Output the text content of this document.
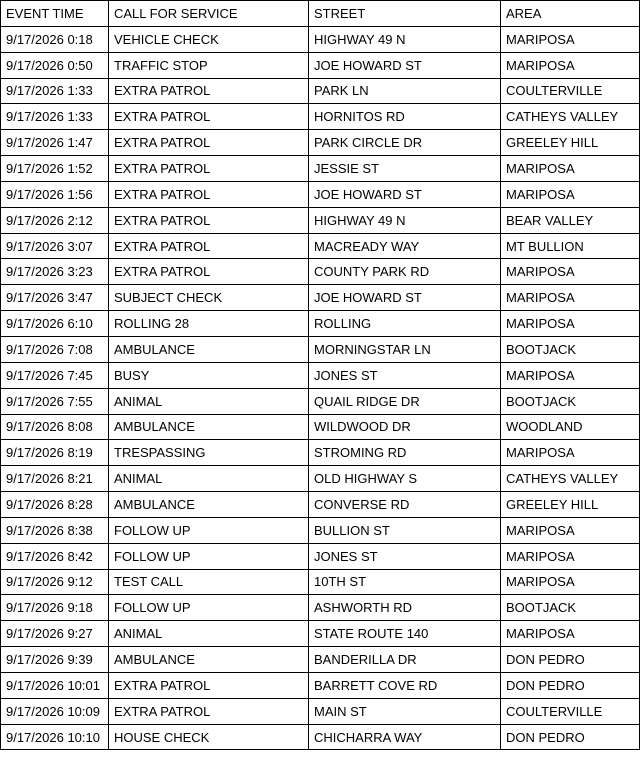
EVENT TIME	CALL FOR SERVICE	STREET	AREA
9/17/2026 0:18	VEHICLE CHECK	HIGHWAY 49 N	MARIPOSA
9/17/2026 0:50	TRAFFIC STOP	JOE HOWARD ST	MARIPOSA
9/17/2026 1:33	EXTRA PATROL	PARK LN	COULTERVILLE
9/17/2026 1:33	EXTRA PATROL	HORNITOS RD	CATHEYS VALLEY
9/17/2026 1:47	EXTRA PATROL	PARK CIRCLE DR	GREELEY HILL
9/17/2026 1:52	EXTRA PATROL	JESSIE ST	MARIPOSA
9/17/2026 1:56	EXTRA PATROL	JOE HOWARD ST	MARIPOSA
9/17/2026 2:12	EXTRA PATROL	HIGHWAY 49 N	BEAR VALLEY
9/17/2026 3:07	EXTRA PATROL	MACREADY WAY	MT BULLION
9/17/2026 3:23	EXTRA PATROL	COUNTY PARK RD	MARIPOSA
9/17/2026 3:47	SUBJECT CHECK	JOE HOWARD ST	MARIPOSA
9/17/2026 6:10	ROLLING 28	ROLLING	MARIPOSA
9/17/2026 7:08	AMBULANCE	MORNINGSTAR LN	BOOTJACK
9/17/2026 7:45	BUSY	JONES ST	MARIPOSA
9/17/2026 7:55	ANIMAL	QUAIL RIDGE DR	BOOTJACK
9/17/2026 8:08	AMBULANCE	WILDWOOD DR	WOODLAND
9/17/2026 8:19	TRESPASSING	STROMING RD	MARIPOSA
9/17/2026 8:21	ANIMAL	OLD HIGHWAY S	CATHEYS VALLEY
9/17/2026 8:28	AMBULANCE	CONVERSE RD	GREELEY HILL
9/17/2026 8:38	FOLLOW UP	BULLION ST	MARIPOSA
9/17/2026 8:42	FOLLOW UP	JONES ST	MARIPOSA
9/17/2026 9:12	TEST CALL	10TH ST	MARIPOSA
9/17/2026 9:18	FOLLOW UP	ASHWORTH RD	BOOTJACK
9/17/2026 9:27	ANIMAL	STATE ROUTE 140	MARIPOSA
9/17/2026 9:39	AMBULANCE	BANDERILLA DR	DON PEDRO
9/17/2026 10:01	EXTRA PATROL	BARRETT COVE RD	DON PEDRO
9/17/2026 10:09	EXTRA PATROL	MAIN ST	COULTERVILLE
9/17/2026 10:10	HOUSE CHECK	CHICHARRA WAY	DON PEDRO
